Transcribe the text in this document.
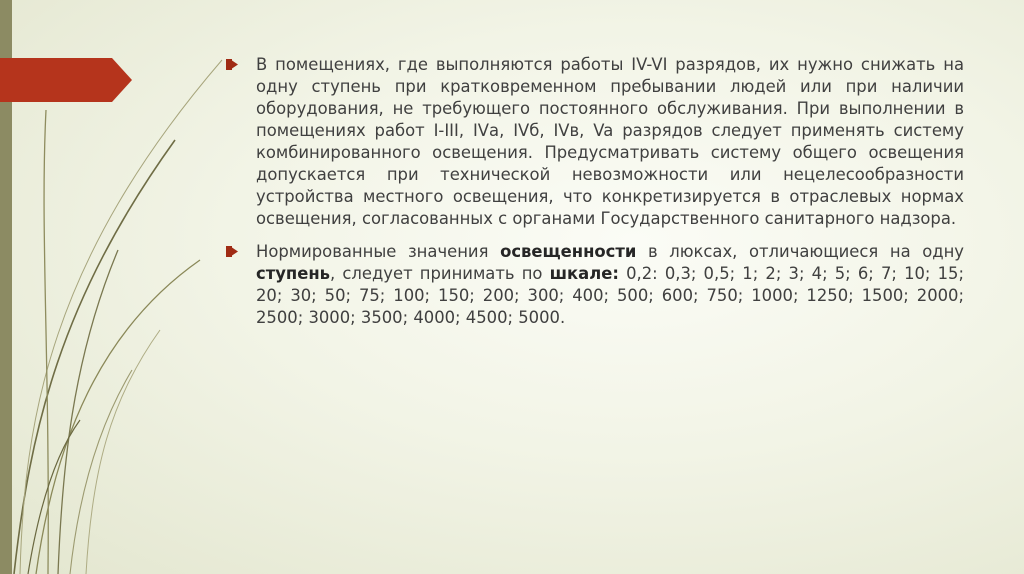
В помещениях, где выполняются работы IV-VI разрядов, их нужно снижать на одну ступень при кратковременном пребывании людей или при наличии оборудования, не требующего постоянного обслуживания. При выполнении в помещениях работ I-III, IVа, IVб, IVв, Va разрядов следует применять систему комбинированного освещения. Предусматривать систему общего освещения допускается при технической невозможности или нецелесообразности устройства местного освещения, что конкретизируется в отраслевых нормах освещения, согласованных с органами Государственного санитарного надзора.
Нормированные значения освещенности в люксах, отличающиеся на одну ступень, следует принимать по шкале: 0,2: 0,3; 0,5; 1; 2; 3; 4; 5; 6; 7; 10; 15; 20; 30; 50; 75; 100; 150; 200; 300; 400; 500; 600; 750; 1000; 1250; 1500; 2000; 2500; 3000; 3500; 4000; 4500; 5000.
